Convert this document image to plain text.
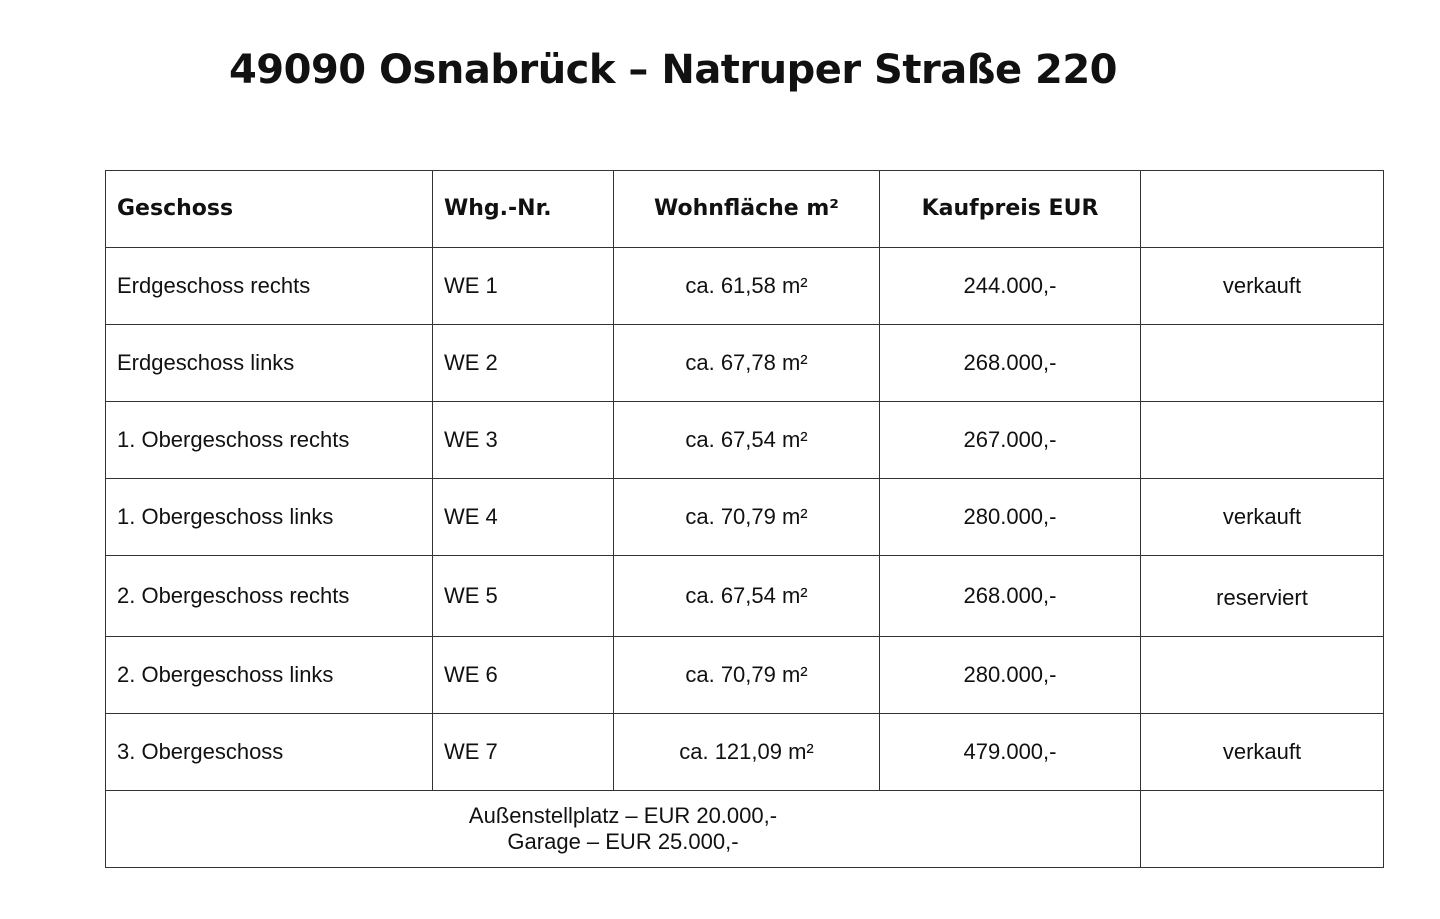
49090 Osnabrück – Natruper Straße 220
Geschoss	Whg.-Nr.	Wohnfläche m²	Kaufpreis EUR	
Erdgeschoss rechts	WE 1	ca. 61,58 m²	244.000,-	verkauft
Erdgeschoss links	WE 2	ca. 67,78 m²	268.000,-	
1. Obergeschoss rechts	WE 3	ca. 67,54 m²	267.000,-	
1. Obergeschoss links	WE 4	ca. 70,79 m²	280.000,-	verkauft
2. Obergeschoss rechts	WE 5	ca. 67,54 m²	268.000,-	reserviert
2. Obergeschoss links	WE 6	ca. 70,79 m²	280.000,-	
3. Obergeschoss	WE 7	ca. 121,09 m²	479.000,-	verkauft

Außenstellplatz – EUR 20.000,-
Garage – EUR 25.000,-				
